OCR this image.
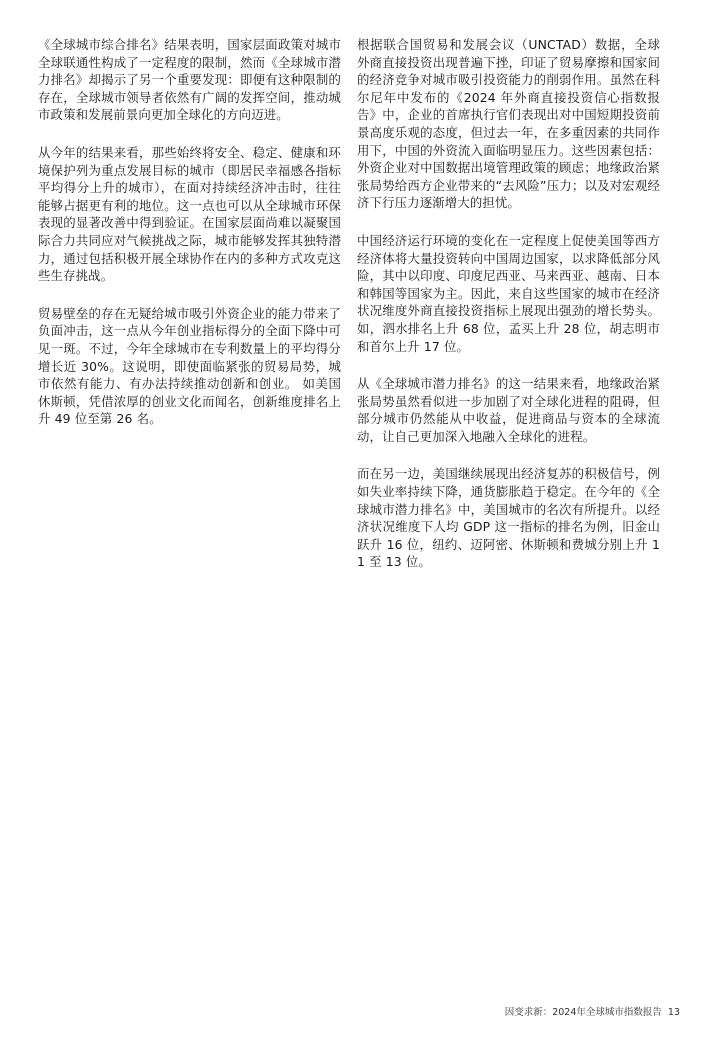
《全球城市综合排名》结果表明，国家层面政策对城市全球联通性构成了一定程度的限制，然而《全球城市潜力排名》却揭示了另一个重要发现：即便有这种限制的存在，全球城市领导者依然有广阔的发挥空间，推动城市政策和发展前景向更加全球化的方向迈进。

从今年的结果来看，那些始终将安全、稳定、健康和环境保护列为重点发展目标的城市（即居民幸福感各指标平均得分上升的城市），在面对持续经济冲击时，往往能够占据更有利的地位。这一点也可以从全球城市环保表现的显著改善中得到验证。在国家层面尚难以凝聚国际合力共同应对气候挑战之际，城市能够发挥其独特潜力，通过包括积极开展全球协作在内的多种方式攻克这些生存挑战。

贸易壁垒的存在无疑给城市吸引外资企业的能力带来了负面冲击，这一点从今年创业指标得分的全面下降中可见一斑。不过，今年全球城市在专利数量上的平均得分增长近 30%。这说明，即使面临紧张的贸易局势，城市依然有能力、有办法持续推动创新和创业。 如美国休斯顿，凭借浓厚的创业文化而闻名，创新维度排名上升 49 位至第 26 名。

根据联合国贸易和发展会议（UNCTAD）数据，全球外商直接投资出现普遍下挫，印证了贸易摩擦和国家间的经济竞争对城市吸引投资能力的削弱作用。虽然在科尔尼年中发布的《2024 年外商直接投资信心指数报告》中，企业的首席执行官们表现出对中国短期投资前景高度乐观的态度，但过去一年，在多重因素的共同作用下，中国的外资流入面临明显压力。这些因素包括：外资企业对中国数据出境管理政策的顾虑；地缘政治紧张局势给西方企业带来的“去风险”压力；以及对宏观经济下行压力逐渐增大的担忧。

中国经济运行环境的变化在一定程度上促使美国等西方经济体将大量投资转向中国周边国家，以求降低部分风险，其中以印度、印度尼西亚、马来西亚、越南、日本和韩国等国家为主。因此，来自这些国家的城市在经济状况维度外商直接投资指标上展现出强劲的增长势头。如，泗水排名上升 68 位，孟买上升 28 位，胡志明市和首尔上升 17 位。

从《全球城市潜力排名》的这一结果来看，地缘政治紧张局势虽然看似进一步加剧了对全球化进程的阻碍，但部分城市仍然能从中收益，促进商品与资本的全球流动，让自己更加深入地融入全球化的进程。

而在另一边，美国继续展现出经济复苏的积极信号，例如失业率持续下降，通货膨胀趋于稳定。在今年的《全球城市潜力排名》中，美国城市的名次有所提升。以经济状况维度下人均 GDP 这一指标的排名为例，旧金山跃升 16 位，纽约、迈阿密、休斯顿和费城分别上升 11 至 13 位。

因变求新：2024年全球城市指数报告 13
